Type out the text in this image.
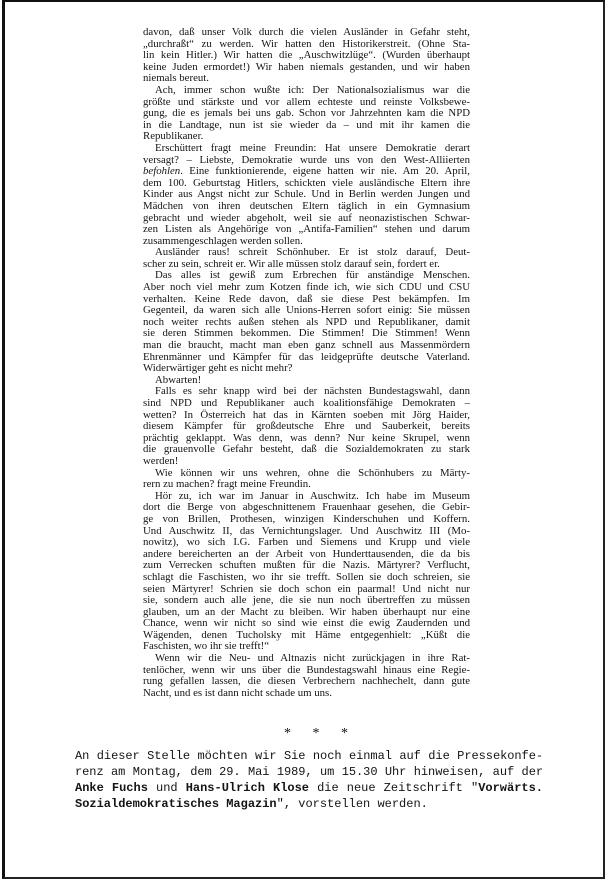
davon, daß unser Volk durch die vielen Ausländer in Gefahr steht,
„durchraßt“ zu werden. Wir hatten den Historikerstreit. (Ohne Sta-
lin kein Hitler.) Wir hatten die „Auschwitzlüge“. (Wurden überhaupt
keine Juden ermordet!) Wir haben niemals gestanden, und wir haben
niemals bereut.
Ach, immer schon wußte ich: Der Nationalsozialismus war die
größte und stärkste und vor allem echteste und reinste Volksbewe-
gung, die es jemals bei uns gab. Schon vor Jahrzehnten kam die NPD
in die Landtage, nun ist sie wieder da – und mit ihr kamen die
Republikaner.
Erschüttert fragt meine Freundin: Hat unsere Demokratie derart
versagt? – Liebste, Demokratie wurde uns von den West-Alliierten
befohlen. Eine funktionierende, eigene hatten wir nie. Am 20. April,
dem 100. Geburtstag Hitlers, schickten viele ausländische Eltern ihre
Kinder aus Angst nicht zur Schule. Und in Berlin werden Jungen und
Mädchen von ihren deutschen Eltern täglich in ein Gymnasium
gebracht und wieder abgeholt, weil sie auf neonazistischen Schwar-
zen Listen als Angehörige von „Antifa-Familien“ stehen und darum
zusammengeschlagen werden sollen.
Ausländer raus! schreit Schönhuber. Er ist stolz darauf, Deut-
scher zu sein, schreit er. Wir alle müssen stolz darauf sein, fordert er.
Das alles ist gewiß zum Erbrechen für anständige Menschen.
Aber noch viel mehr zum Kotzen finde ich, wie sich CDU und CSU
verhalten. Keine Rede davon, daß sie diese Pest bekämpfen. Im
Gegenteil, da waren sich alle Unions-Herren sofort einig: Sie müssen
noch weiter rechts außen stehen als NPD und Republikaner, damit
sie deren Stimmen bekommen. Die Stimmen! Die Stimmen! Wenn
man die braucht, macht man eben ganz schnell aus Massenmördern
Ehrenmänner und Kämpfer für das leidgeprüfte deutsche Vaterland.
Widerwärtiger geht es nicht mehr?
Abwarten!
Falls es sehr knapp wird bei der nächsten Bundestagswahl, dann
sind NPD und Republikaner auch koalitionsfähige Demokraten –
wetten? In Österreich hat das in Kärnten soeben mit Jörg Haider,
diesem Kämpfer für großdeutsche Ehre und Sauberkeit, bereits
prächtig geklappt. Was denn, was denn? Nur keine Skrupel, wenn
die grauenvolle Gefahr besteht, daß die Sozialdemokraten zu stark
werden!
Wie können wir uns wehren, ohne die Schönhubers zu Märty-
rern zu machen? fragt meine Freundin.
Hör zu, ich war im Januar in Auschwitz. Ich habe im Museum
dort die Berge von abgeschnittenem Frauenhaar gesehen, die Gebir-
ge von Brillen, Prothesen, winzigen Kinderschuhen und Koffern.
Und Auschwitz II, das Vernichtungslager. Und Auschwitz III (Mo-
nowitz), wo sich I.G. Farben und Siemens und Krupp und viele
andere bereicherten an der Arbeit von Hunderttausenden, die da bis
zum Verrecken schuften mußten für die Nazis. Märtyrer? Verflucht,
schlagt die Faschisten, wo ihr sie trefft. Sollen sie doch schreien, sie
seien Märtyrer! Schrien sie doch schon ein paarmal! Und nicht nur
sie, sondern auch alle jene, die sie nun noch übertreffen zu müssen
glauben, um an der Macht zu bleiben. Wir haben überhaupt nur eine
Chance, wenn wir nicht so sind wie einst die ewig Zaudernden und
Wägenden, denen Tucholsky mit Häme entgegenhielt: „Küßt die
Faschisten, wo ihr sie trefft!“
Wenn wir die Neu- und Altnazis nicht zurückjagen in ihre Rat-
tenlöcher, wenn wir uns über die Bundestagswahl hinaus eine Regie-
rung gefallen lassen, die diesen Verbrechern nachhechelt, dann gute
Nacht, und es ist dann nicht schade um uns.
* * *
An dieser Stelle möchten wir Sie noch einmal auf die Pressekonfe-
renz am Montag, dem 29. Mai 1989, um 15.30 Uhr hinweisen, auf der
Anke Fuchs und Hans-Ulrich Klose die neue Zeitschrift "Vorwärts.
Sozialdemokratisches Magazin", vorstellen werden.
